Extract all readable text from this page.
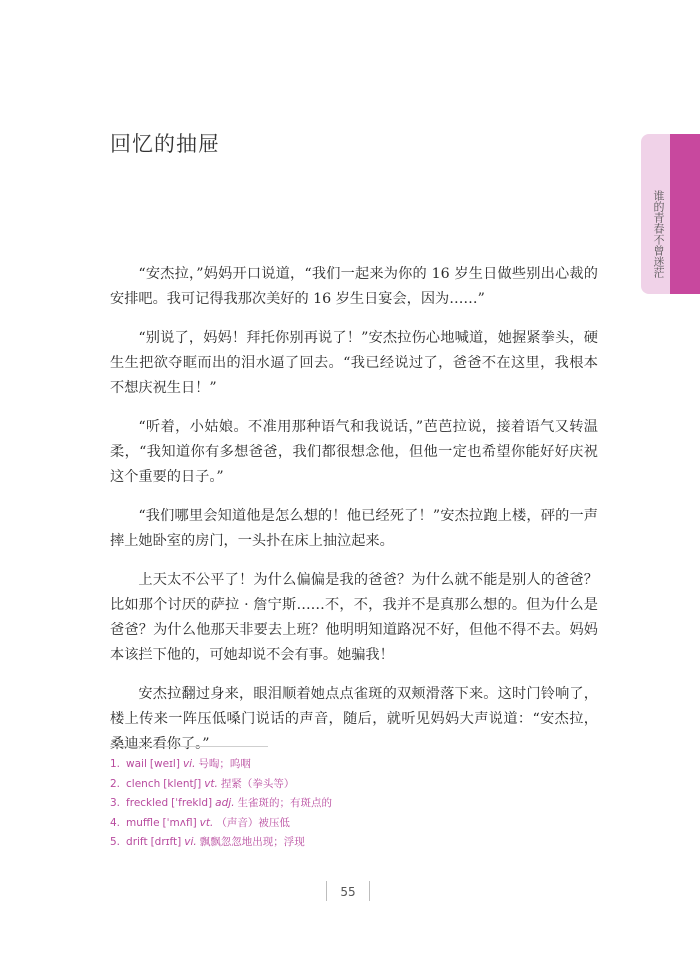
回忆的抽屉
谁的青春不曾迷茫

“安杰拉，”妈妈开口说道，“我们一起来为你的 16 岁生日做些别出心裁的安排吧。我可记得我那次美好的 16 岁生日宴会，因为……”

“别说了，妈妈！拜托你别再说了！”安杰拉伤心地喊道，她握紧拳头，硬生生把欲夺眶而出的泪水逼了回去。“我已经说过了，爸爸不在这里，我根本不想庆祝生日！”

“听着，小姑娘。不准用那种语气和我说话，”芭芭拉说，接着语气又转温柔，“我知道你有多想爸爸，我们都很想念他，但他一定也希望你能好好庆祝这个重要的日子。”

“我们哪里会知道他是怎么想的！他已经死了！”安杰拉跑上楼，砰的一声摔上她卧室的房门，一头扑在床上抽泣起来。

上天太不公平了！为什么偏偏是我的爸爸？为什么就不能是别人的爸爸？比如那个讨厌的萨拉 · 詹宁斯……不，不，我并不是真那么想的。但为什么是爸爸？为什么他那天非要去上班？他明明知道路况不好，但他不得不去。妈妈本该拦下他的，可她却说不会有事。她骗我！

安杰拉翻过身来，眼泪顺着她点点雀斑的双颊滑落下来。这时门铃响了，楼上传来一阵压低嗓门说话的声音，随后，就听见妈妈大声说道：“安杰拉，桑迪来看你了。”

1. wail [weɪl] vi. 号啕；呜咽
2. clench [klentʃ] vt. 捏紧（拳头等）
3. freckled [ˈfrekld] adj. 生雀斑的；有斑点的
4. muffle [ˈmʌfl] vt. （声音）被压低
5. drift [drɪft] vi. 飘飘忽忽地出现；浮现
55
